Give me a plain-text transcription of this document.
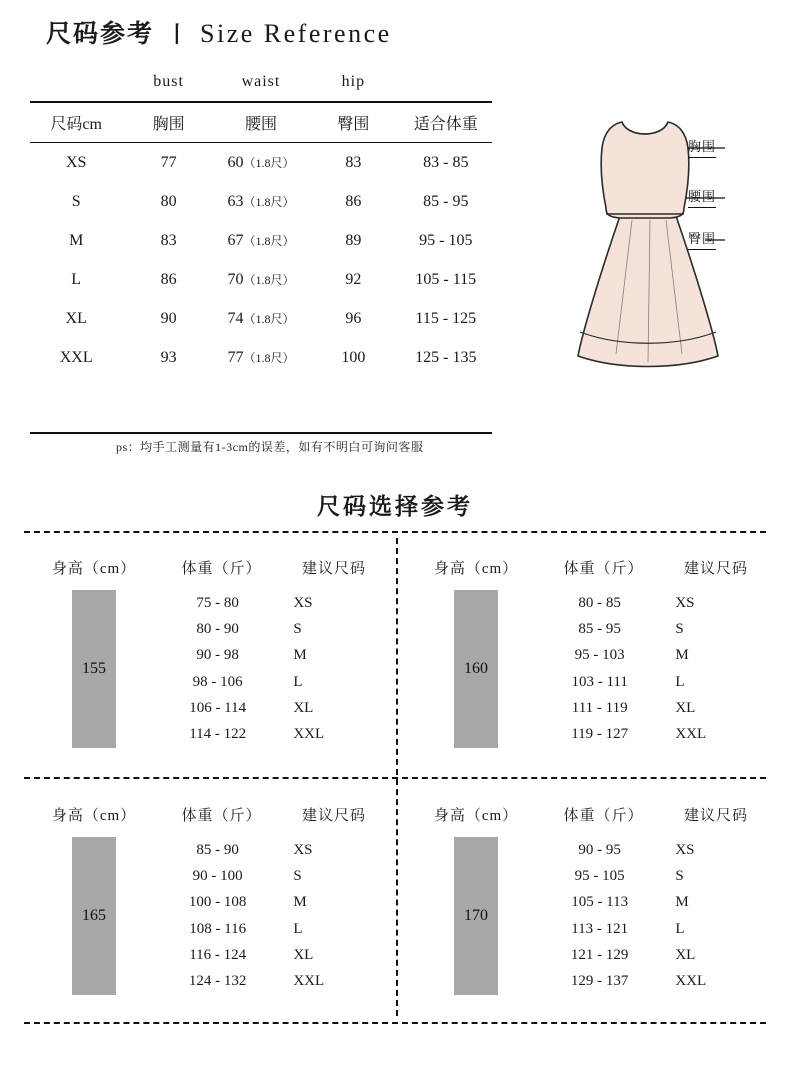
尺码参考 丨 Size Reference
	bust	waist	hip	
尺码cm	胸围	腰围	臀围	适合体重
XS	77	60（1.8尺）	83	83 - 85
S	80	63（1.8尺）	86	85 - 95
M	83	67（1.8尺）	89	95 - 105
L	86	70（1.8尺）	92	105 - 115
XL	90	74（1.8尺）	96	115 - 125
XXL	93	77（1.8尺）	100	125 - 135
ps：均手工测量有1-3cm的误差，如有不明白可询问客服
胸围
腰围
臀围
尺码选择参考
身高（cm）	体重（斤）	建议尺码
155
75 - 80	XS
80 - 90	S
90 - 98	M
98 - 106	L
106 - 114	XL
114 - 122	XXL
身高（cm）	体重（斤）	建议尺码
160
80 - 85	XS
85 - 95	S
95 - 103	M
103 - 111	L
111 - 119	XL
119 - 127	XXL
身高（cm）	体重（斤）	建议尺码
165
85 - 90	XS
90 - 100	S
100 - 108	M
108 - 116	L
116 - 124	XL
124 - 132	XXL
身高（cm）	体重（斤）	建议尺码
170
90 - 95	XS
95 - 105	S
105 - 113	M
113 - 121	L
121 - 129	XL
129 - 137	XXL
